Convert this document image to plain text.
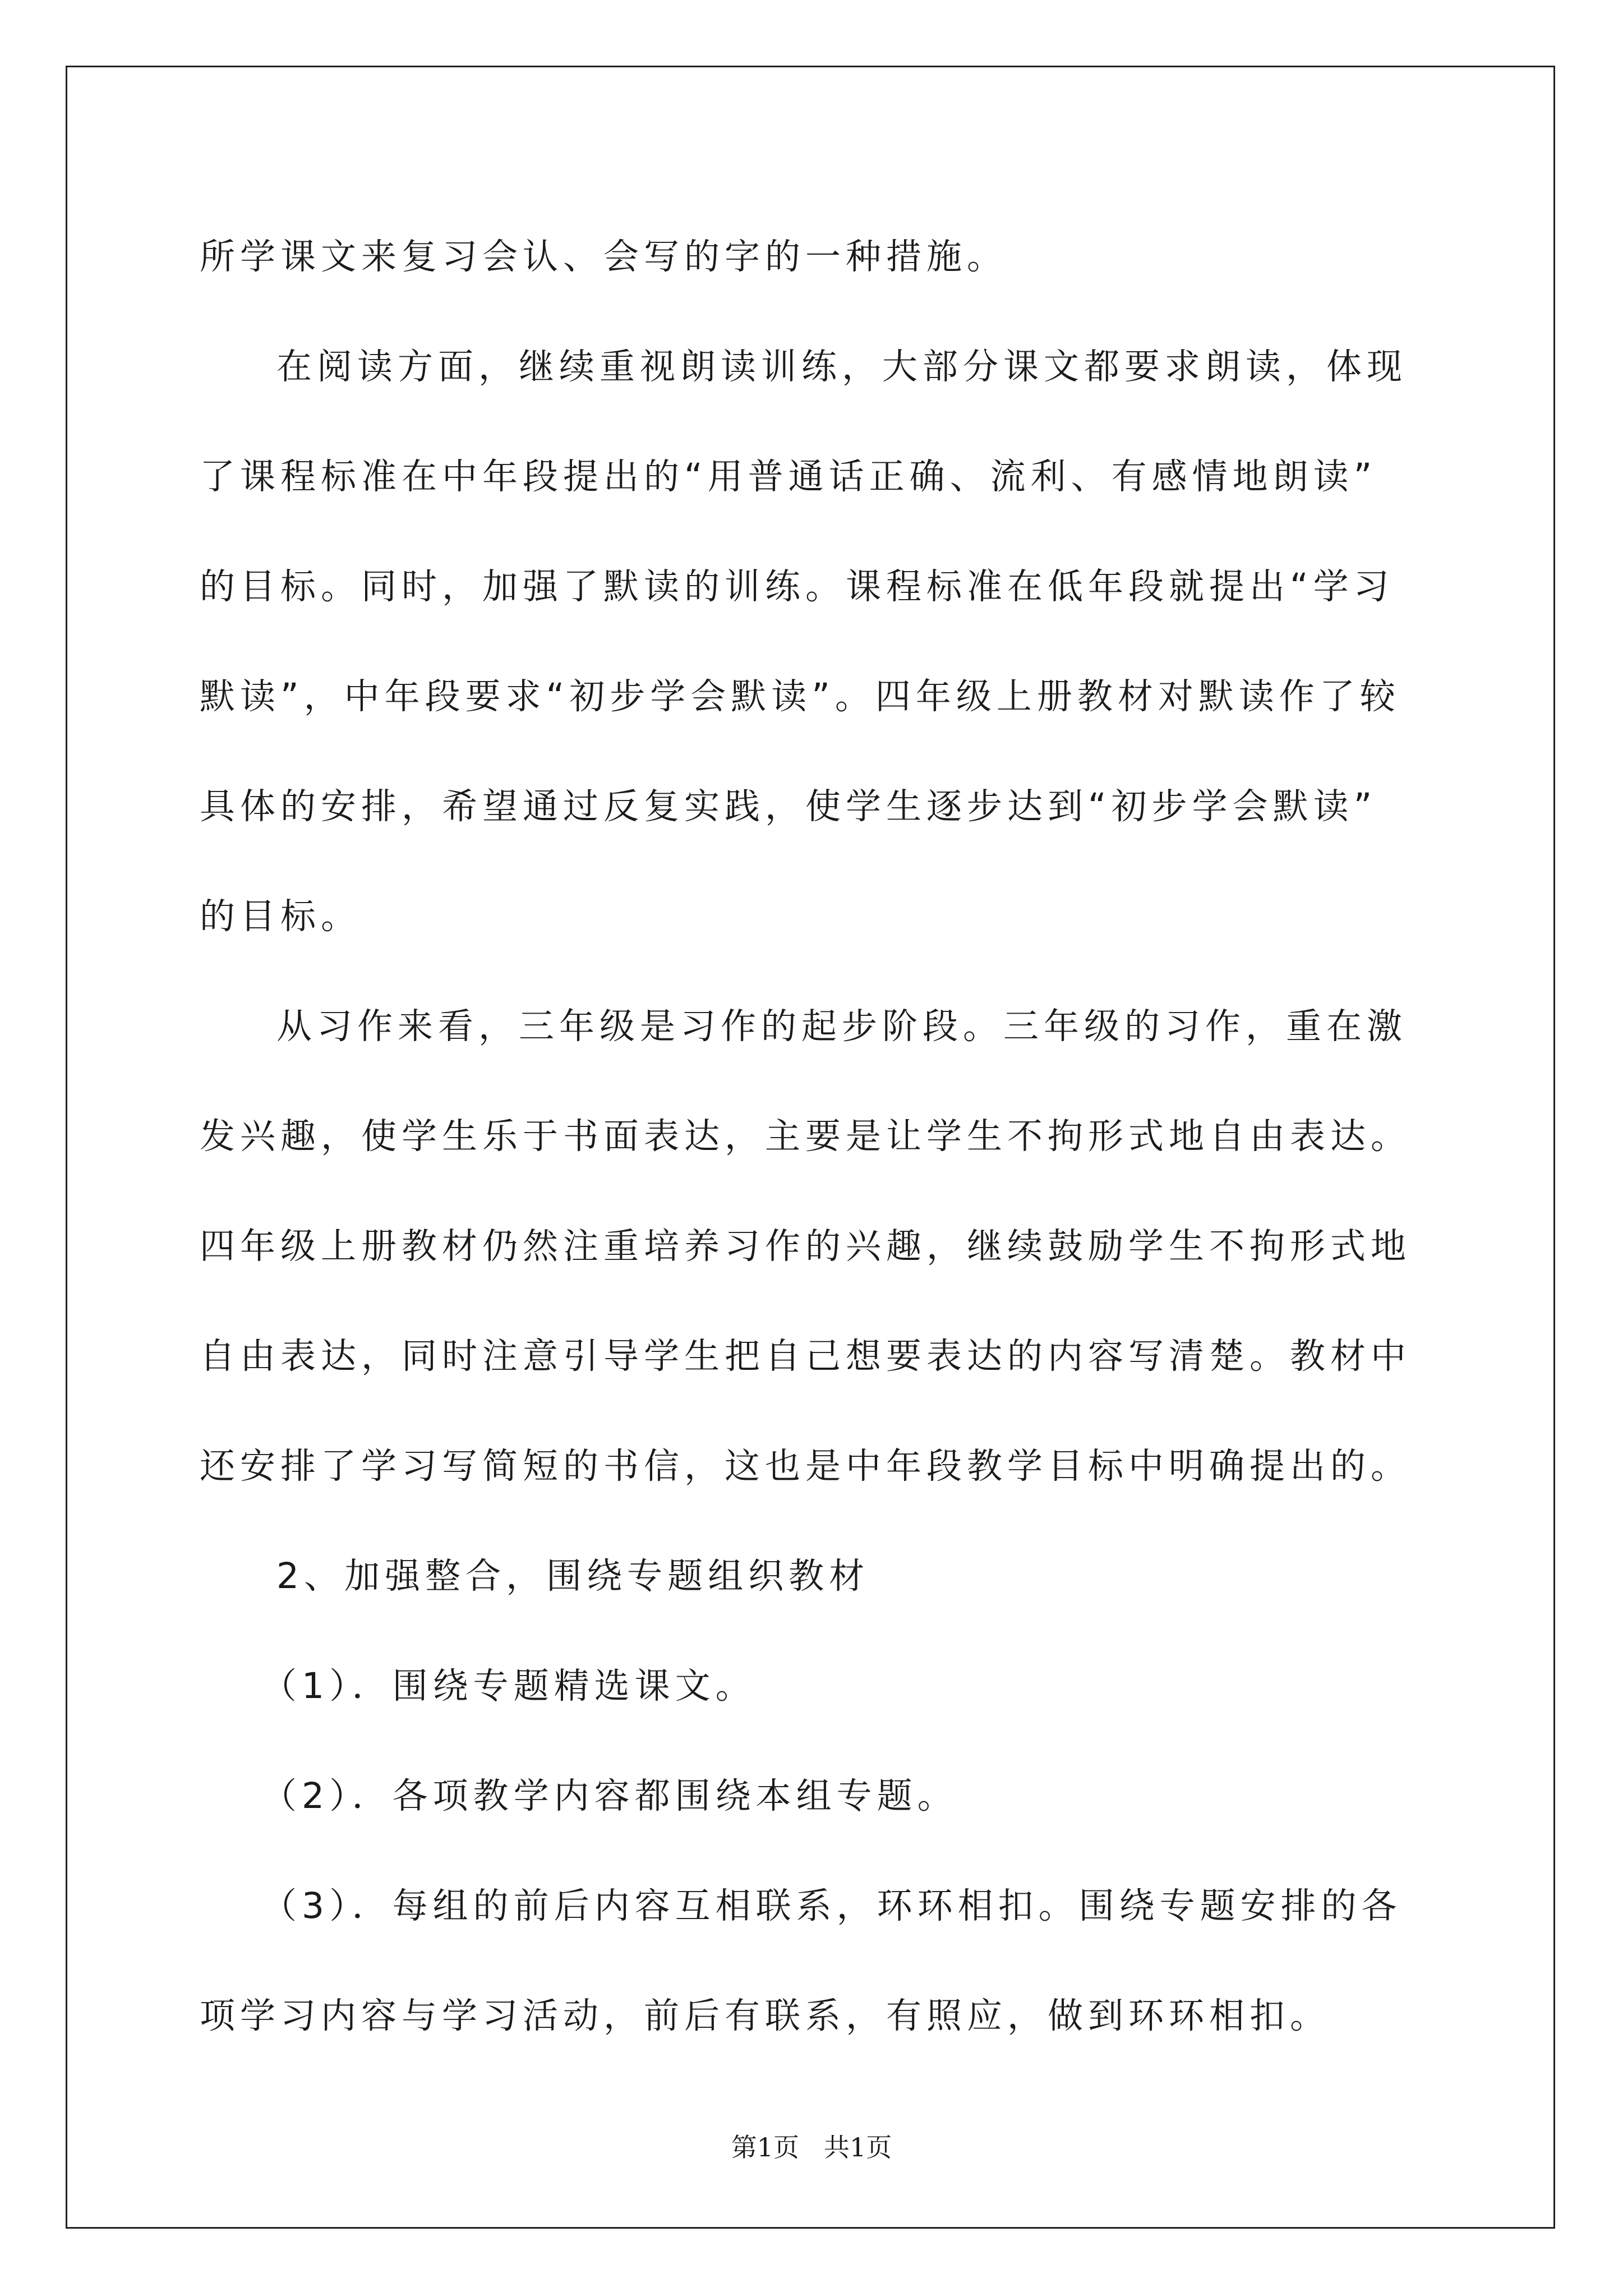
所学课文来复习会认、会写的字的一种措施。

在阅读方面，继续重视朗读训练，大部分课文都要求朗读，体现

了课程标准在中年段提出的“用普通话正确、流利、有感情地朗读”

的目标。同时，加强了默读的训练。课程标准在低年段就提出“学习

默读”，中年段要求“初步学会默读”。四年级上册教材对默读作了较

具体的安排，希望通过反复实践，使学生逐步达到“初步学会默读”

的目标。

从习作来看，三年级是习作的起步阶段。三年级的习作，重在激

发兴趣，使学生乐于书面表达，主要是让学生不拘形式地自由表达。

四年级上册教材仍然注重培养习作的兴趣，继续鼓励学生不拘形式地

自由表达，同时注意引导学生把自己想要表达的内容写清楚。教材中

还安排了学习写简短的书信，这也是中年段教学目标中明确提出的。

2、加强整合，围绕专题组织教材

（1）．围绕专题精选课文。

（2）．各项教学内容都围绕本组专题。

（3）．每组的前后内容互相联系，环环相扣。围绕专题安排的各

项学习内容与学习活动，前后有联系，有照应，做到环环相扣。

第1页 共1页
